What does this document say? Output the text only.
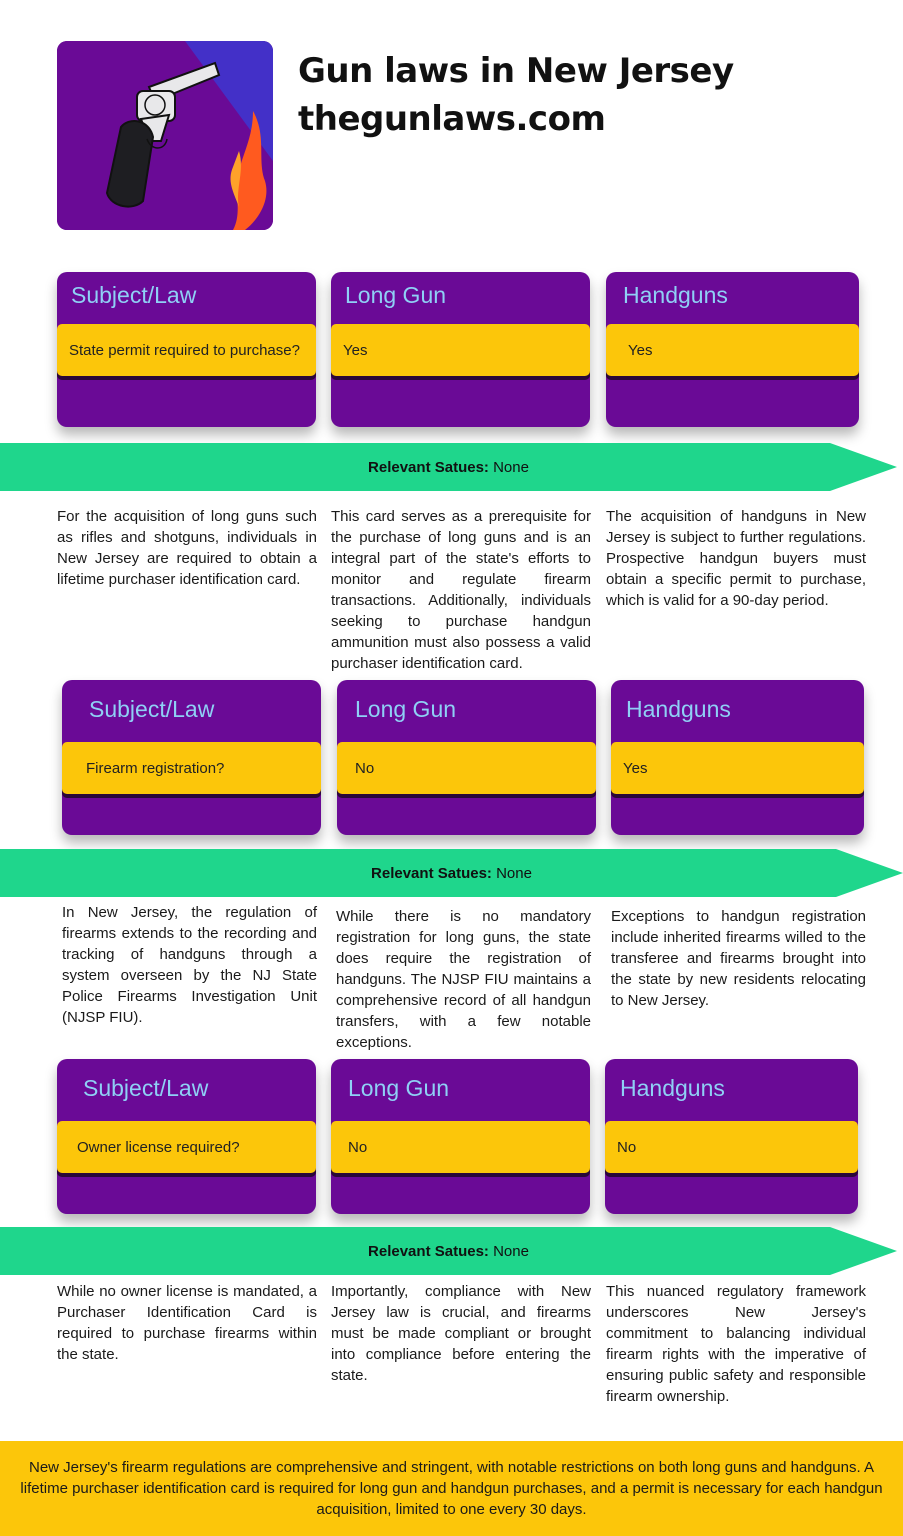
Gun laws in New Jersey
thegunlaws.com
Subject/Law
State permit required to purchase?
Long Gun
Yes
Handguns
Yes
Relevant Satues: None
For the acquisition of long guns such as rifles and shotguns, individuals in New Jersey are required to obtain a lifetime purchaser identification card.
This card serves as a prerequisite for the purchase of long guns and is an integral part of the state's efforts to monitor and regulate firearm transactions. Additionally, individuals seeking to purchase handgun ammunition must also possess a valid purchaser identification card.
The acquisition of handguns in New Jersey is subject to further regulations. Prospective handgun buyers must obtain a specific permit to purchase, which is valid for a 90-day period.
Subject/Law
Firearm registration?
Long Gun
No
Handguns
Yes
Relevant Satues: None
In New Jersey, the regulation of firearms extends to the recording and tracking of handguns through a system overseen by the NJ State Police Firearms Investigation Unit (NJSP FIU).
While there is no mandatory registration for long guns, the state does require the registration of handguns. The NJSP FIU maintains a comprehensive record of all handgun transfers, with a few notable exceptions.
Exceptions to handgun registration include inherited firearms willed to the transferee and firearms brought into the state by new residents relocating to New Jersey.
Subject/Law
Owner license required?
Long Gun
No
Handguns
No
Relevant Satues: None
While no owner license is mandated, a Purchaser Identification Card is required to purchase firearms within the state.
Importantly, compliance with New Jersey law is crucial, and firearms must be made compliant or brought into compliance before entering the state.
This nuanced regulatory framework underscores New Jersey's commitment to balancing individual firearm rights with the imperative of ensuring public safety and responsible firearm ownership.
New Jersey's firearm regulations are comprehensive and stringent, with notable restrictions on both long guns and handguns. A lifetime purchaser identification card is required for long gun and handgun purchases, and a permit is necessary for each handgun acquisition, limited to one every 30 days.
